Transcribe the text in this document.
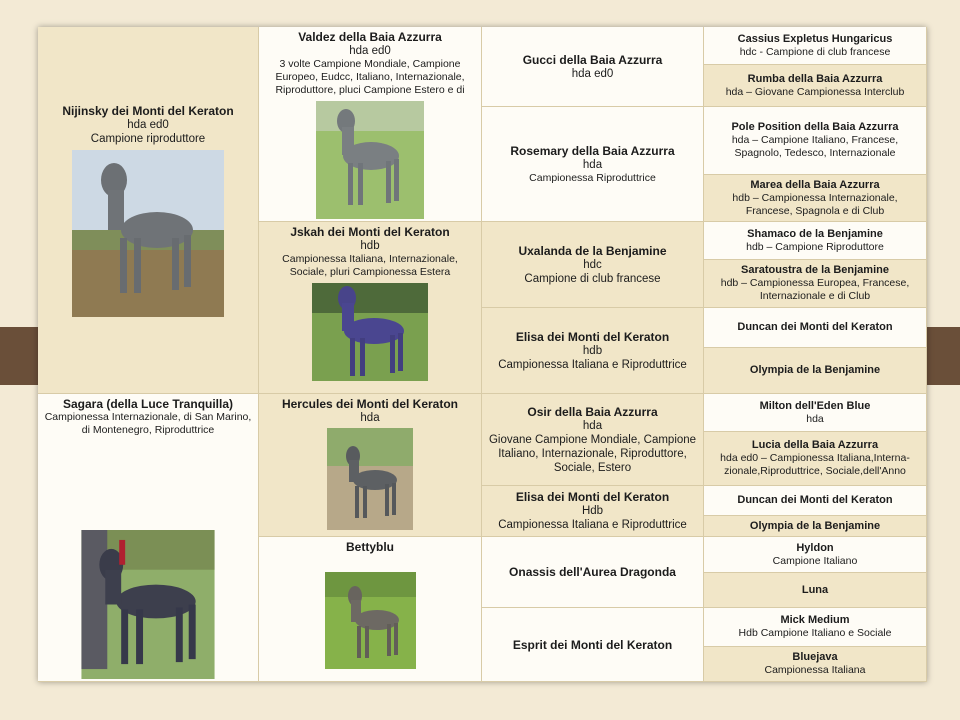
Nijinsky dei Monti del Keraton
hda ed0
Campione riproduttore
Sagara (della Luce Tranquilla)
Campionessa Internazionale, di San Marino, di Montenegro, Riproduttrice
Valdez della Baia Azzurra
hda ed0
3 volte Campione Mondiale, Campione Europeo, Eudcc, Italiano, Internazionale, Riproduttore, pluci Campione Estero e di
Jskah dei Monti del Keraton
hdb
Campionessa Italiana, Internazionale, Sociale, pluri Campionessa Estera
Hercules dei Monti del Keraton
hda
Bettyblu
Gucci della Baia Azzurra
hda ed0
Rosemary della Baia Azzurra
hda
Campionessa Riproduttrice
Uxalanda de la Benjamine
hdc
Campione di club francese
Elisa dei Monti del Keraton
hdb
Campionessa Italiana e Riproduttrice
Osir della Baia Azzurra
hda
Giovane Campione Mondiale, Campione Italiano, Internazionale, Riproduttore, Sociale, Estero
Elisa dei Monti del Keraton
Hdb
Campionessa Italiana e Riproduttrice
Onassis dell'Aurea Dragonda
Esprit dei Monti del Keraton
Cassius Expletus Hungaricus
hdc - Campione di club francese
Rumba della Baia Azzurra
hda – Giovane Campionessa Interclub
Pole Position della Baia Azzurra
hda – Campione Italiano, Francese, Spagnolo, Tedesco, Internazionale
Marea della Baia Azzurra
hdb – Campionessa Internazionale, Francese, Spagnola e di Club
Shamaco de la Benjamine
hdb – Campione Riproduttore
Saratoustra de la Benjamine
hdb – Campionessa Europea, Francese, Internazionale e di Club
Duncan dei Monti del Keraton
Olympia de la Benjamine
Milton dell'Eden Blue
hda
Lucia della Baia Azzurra
hda ed0 – Campionessa Italiana,Interna-zionale,Riproduttrice, Sociale,dell'Anno
Duncan dei Monti del Keraton
Olympia de la Benjamine
Hyldon
Campione Italiano
Luna
Mick Medium
Hdb Campione Italiano e Sociale
Bluejava
Campionessa Italiana
